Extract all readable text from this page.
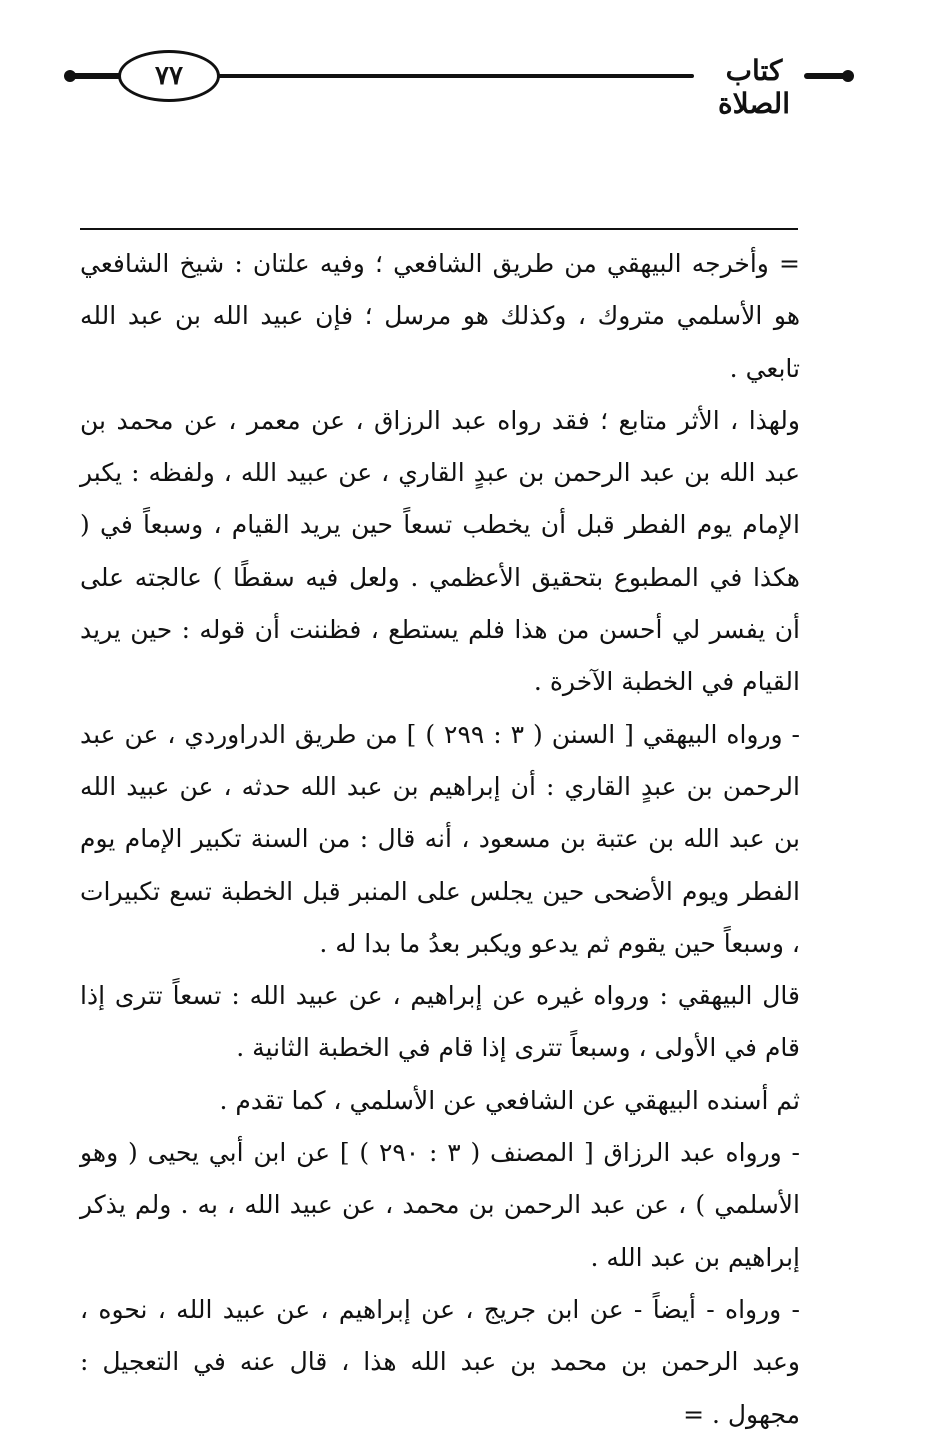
٧٧	كتاب الصلاة

= وأخرجه البيهقي من طريق الشافعي ؛ وفيه علتان : شيخ الشافعي هو الأسلمي متروك ، وكذلك هو مرسل ؛ فإن عبيد الله بن عبد الله تابعي .

ولهذا ، الأثر متابع ؛ فقد رواه عبد الرزاق ، عن معمر ، عن محمد بن عبد الله بن عبد الرحمن بن عبدٍ القاري ، عن عبيد الله ، ولفظه : يكبر الإمام يوم الفطر قبل أن يخطب تسعاً حين يريد القيام ، وسبعاً في ( هكذا في المطبوع بتحقيق الأعظمي . ولعل فيه سقطًا ) عالجته على أن يفسر لي أحسن من هذا فلم يستطع ، فظننت أن قوله : حين يريد القيام في الخطبة الآخرة .

- ورواه البيهقي [ السنن ( ٣ : ٢٩٩ ) ] من طريق الدراوردي ، عن عبد الرحمن بن عبدٍ القاري : أن إبراهيم بن عبد الله حدثه ، عن عبيد الله بن عبد الله بن عتبة بن مسعود ، أنه قال : من السنة تكبير الإمام يوم الفطر ويوم الأضحى حين يجلس على المنبر قبل الخطبة تسع تكبيرات ، وسبعاً حين يقوم ثم يدعو ويكبر بعدُ ما بدا له .

قال البيهقي : ورواه غيره عن إبراهيم ، عن عبيد الله : تسعاً تترى إذا قام في الأولى ، وسبعاً تترى إذا قام في الخطبة الثانية .

ثم أسنده البيهقي عن الشافعي عن الأسلمي ، كما تقدم .

- ورواه عبد الرزاق [ المصنف ( ٣ : ٢٩٠ ) ] عن ابن أبي يحيى ( وهو الأسلمي ) ، عن عبد الرحمن بن محمد ، عن عبيد الله ، به . ولم يذكر إبراهيم بن عبد الله .

- ورواه - أيضاً - عن ابن جريج ، عن إبراهيم ، عن عبيد الله ، نحوه ، وعبد الرحمن بن محمد بن عبد الله هذا ، قال عنه في التعجيل : مجهول . =
